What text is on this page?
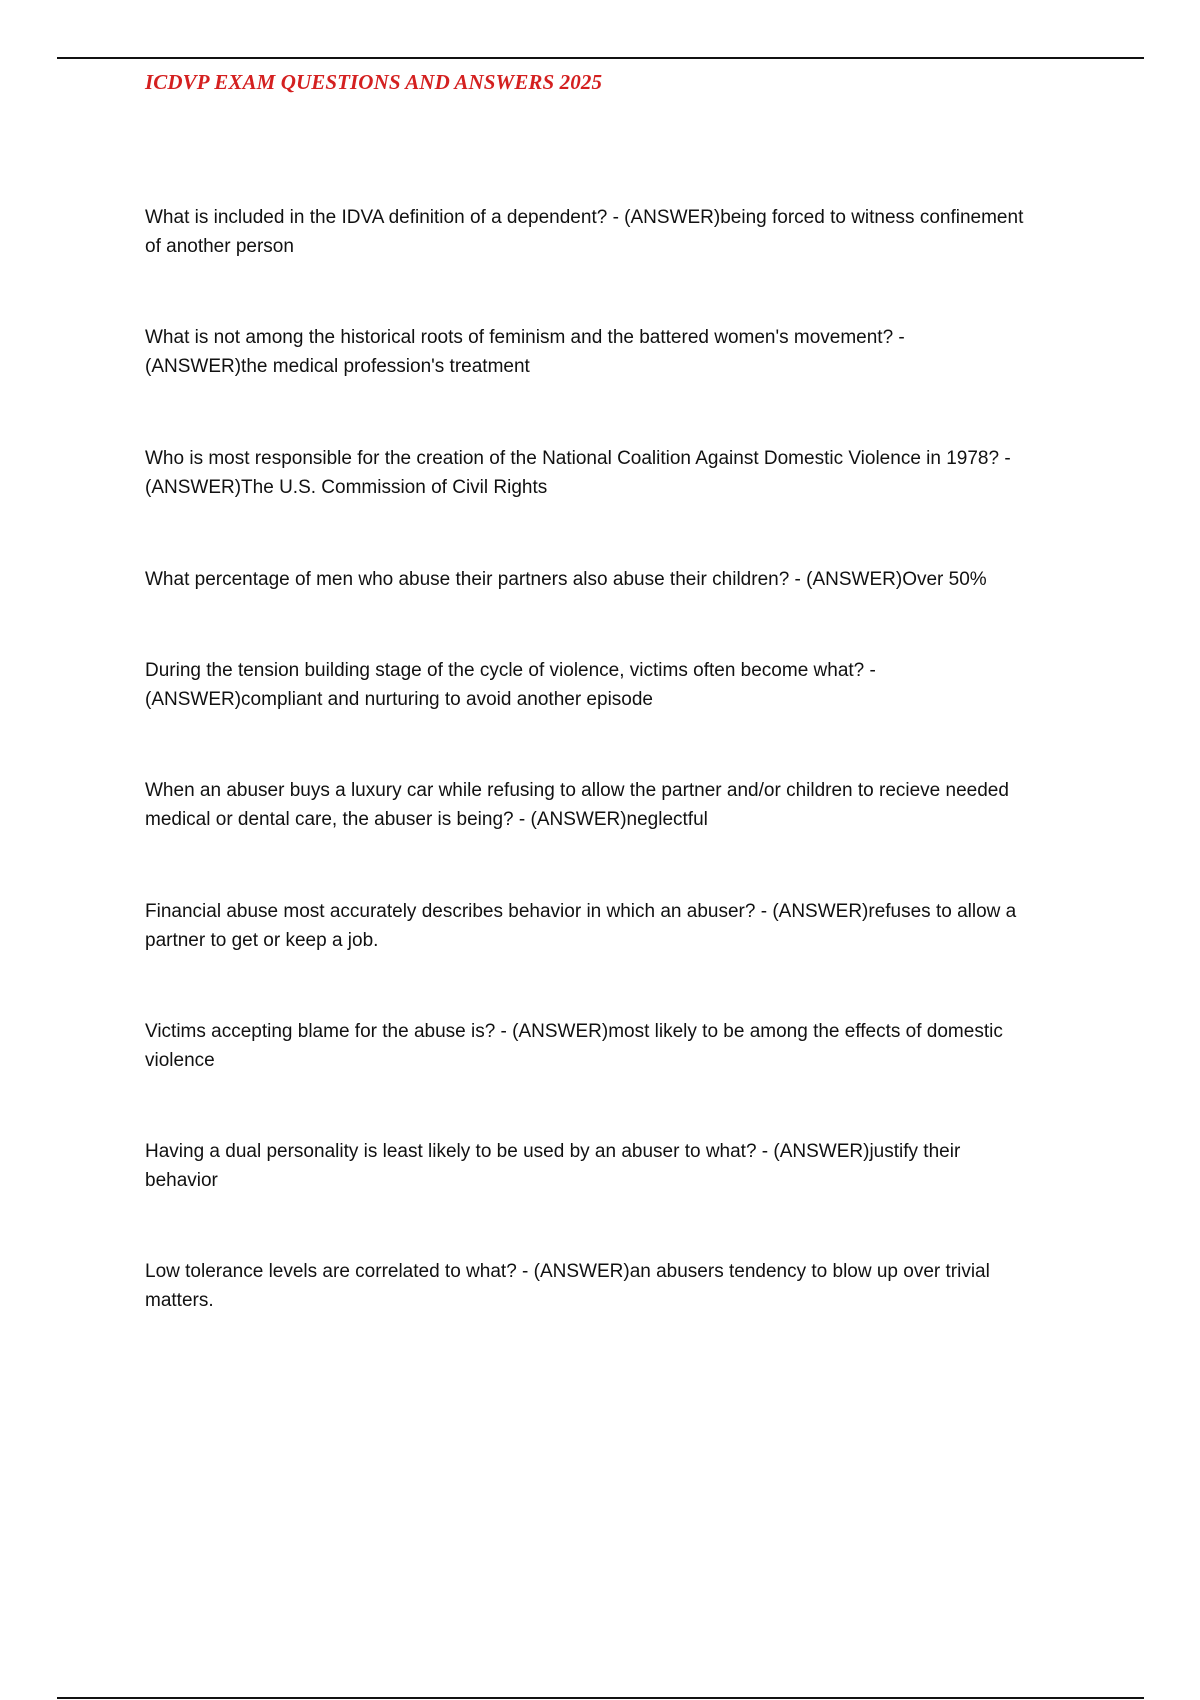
ICDVP EXAM QUESTIONS AND ANSWERS 2025

What is included in the IDVA definition of a dependent? - (ANSWER)being forced to witness confinement
of another person

What is not among the historical roots of feminism and the battered women's movement? -
(ANSWER)the medical profession's treatment

Who is most responsible for the creation of the National Coalition Against Domestic Violence in 1978? -
(ANSWER)The U.S. Commission of Civil Rights

What percentage of men who abuse their partners also abuse their children? - (ANSWER)Over 50%

During the tension building stage of the cycle of violence, victims often become what? -
(ANSWER)compliant and nurturing to avoid another episode

When an abuser buys a luxury car while refusing to allow the partner and/or children to recieve needed
medical or dental care, the abuser is being? - (ANSWER)neglectful

Financial abuse most accurately describes behavior in which an abuser? - (ANSWER)refuses to allow a
partner to get or keep a job.

Victims accepting blame for the abuse is? - (ANSWER)most likely to be among the effects of domestic
violence

Having a dual personality is least likely to be used by an abuser to what? - (ANSWER)justify their
behavior

Low tolerance levels are correlated to what? - (ANSWER)an abusers tendency to blow up over trivial
matters.
